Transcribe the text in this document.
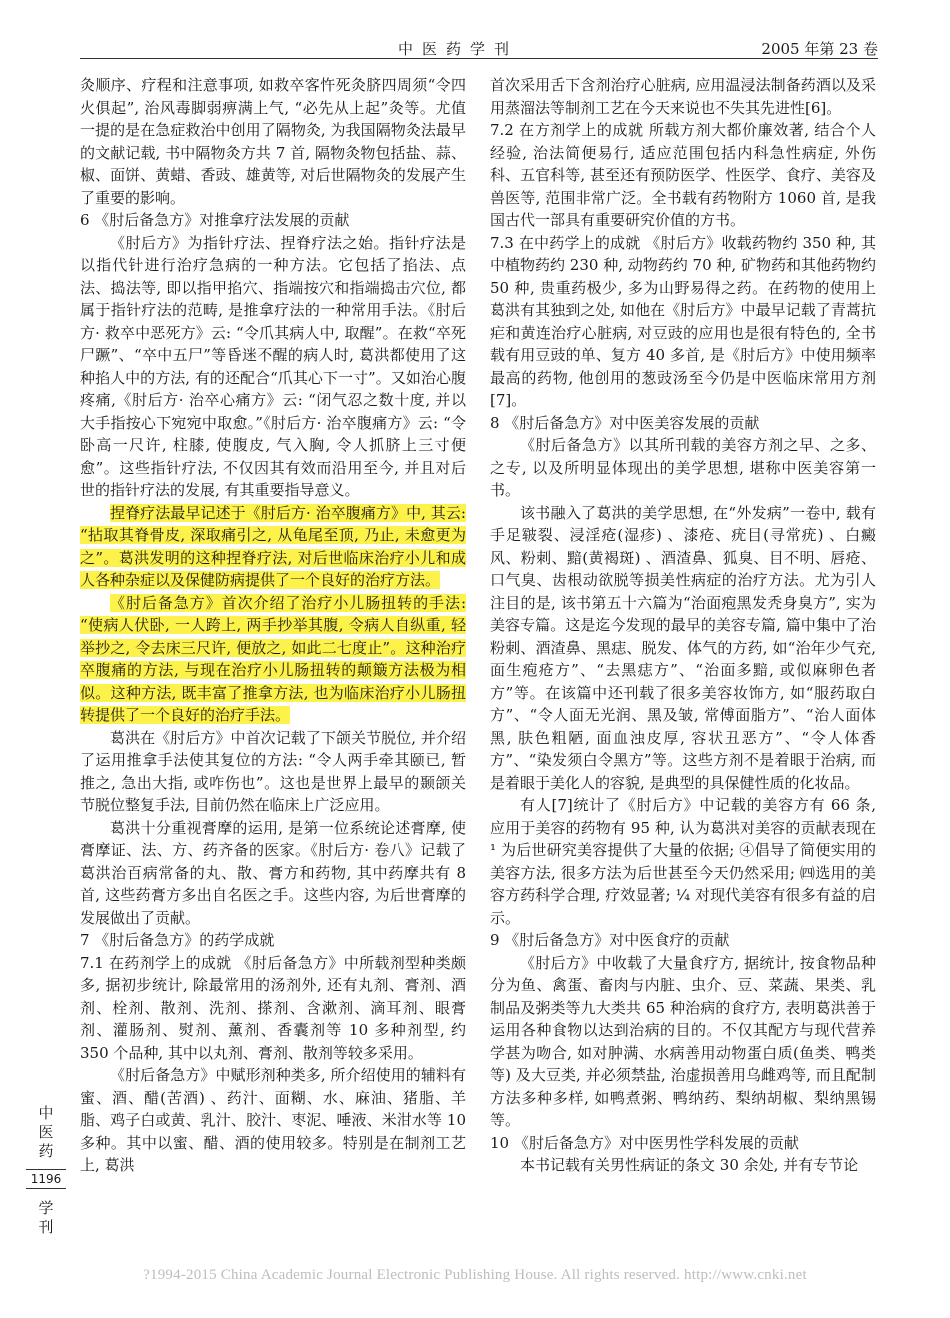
中医药学刊	2005 年第 23 卷

灸顺序、疗程和注意事项, 如救卒客忤死灸脐四周须“令四火俱起”, 治风毒脚弱痹满上气, “必先从上起”灸等。尤值一提的是在急症救治中创用了隔物灸, 为我国隔物灸法最早的文献记载, 书中隔物灸方共 7 首, 隔物灸物包括盐、蒜、椒、面饼、黄蜡、香豉、雄黄等, 对后世隔物灸的发展产生了重要的影响。

6 《肘后备急方》对推拿疗法发展的贡献

《肘后方》为指针疗法、捏脊疗法之始。指针疗法是以指代针进行治疗急病的一种方法。它包括了掐法、点法、捣法等, 即以指甲掐穴、指端按穴和指端捣击穴位, 都属于指针疗法的范畴, 是推拿疗法的一种常用手法。《肘后方· 救卒中恶死方》云: “令爪其病人中, 取醒”。在救“卒死尸蹶”、“卒中五尸”等昏迷不醒的病人时, 葛洪都使用了这种掐人中的方法, 有的还配合“爪其心下一寸”。又如治心腹疼痛,《肘后方· 治卒心痛方》云: “闭气忍之数十度, 并以大手指按心下宛宛中取愈。”《肘后方· 治卒腹痛方》云: “令卧高一尺许, 柱膝, 使腹皮, 气入胸, 令人抓脐上三寸便愈”。这些指针疗法, 不仅因其有效而沿用至今, 并且对后世的指针疗法的发展, 有其重要指导意义。

捏脊疗法最早记述于《肘后方· 治卒腹痛方》中, 其云: “拈取其脊骨皮, 深取痛引之, 从龟尾至顶, 乃止, 未愈更为之”。葛洪发明的这种捏脊疗法, 对后世临床治疗小儿和成人各种杂症以及保健防病提供了一个良好的治疗方法。

《肘后备急方》首次介绍了治疗小儿肠扭转的手法: “使病人伏卧, 一人跨上, 两手抄举其腹, 令病人自纵重, 轻举抄之, 令去床三尺许, 便放之, 如此二七度止”。这种治疗卒腹痛的方法, 与现在治疗小儿肠扭转的颠簸方法极为相似。这种方法, 既丰富了推拿方法, 也为临床治疗小儿肠扭转提供了一个良好的治疗手法。

葛洪在《肘后方》中首次记载了下颌关节脱位, 并介绍了运用推拿手法使其复位的方法: “令人两手牵其颐已, 暂推之, 急出大指, 或咋伤也”。这也是世界上最早的颞颌关节脱位整复手法, 目前仍然在临床上广泛应用。

葛洪十分重视膏摩的运用, 是第一位系统论述膏摩, 使膏摩证、法、方、药齐备的医家。《肘后方· 卷八》记载了葛洪治百病常备的丸、散、膏方和药物, 其中药摩共有 8 首, 这些药膏方多出自名医之手。这些内容, 为后世膏摩的发展做出了贡献。

7 《肘后备急方》的药学成就

7.1 在药剂学上的成就 《肘后备急方》中所载剂型种类颇多, 据初步统计, 除最常用的汤剂外, 还有丸剂、膏剂、酒剂、栓剂、散剂、洗剂、搽剂、含漱剂、滴耳剂、眼膏剂、灌肠剂、熨剂、薰剂、香囊剂等 10 多种剂型, 约 350 个品种, 其中以丸剂、膏剂、散剂等较多采用。

《肘后备急方》中赋形剂种类多, 所介绍使用的辅料有蜜、酒、醋(苦酒) 、药汁、面糊、水、麻油、猪脂、羊脂、鸡子白或黄、乳汁、胶汁、枣泥、唾液、米泔水等 10 多种。其中以蜜、醋、酒的使用较多。特别是在制剂工艺上, 葛洪

首次采用舌下含剂治疗心脏病, 应用温浸法制备药酒以及采用蒸溜法等制剂工艺在今天来说也不失其先进性[6]。

7.2 在方剂学上的成就 所载方剂大都价廉效著, 结合个人经验, 治法简便易行, 适应范围包括内科急性病症, 外伤科、五官科等, 甚至还有预防医学、性医学、食疗、美容及兽医等, 范围非常广泛。全书载有药物附方 1060 首, 是我国古代一部具有重要研究价值的方书。

7.3 在中药学上的成就 《肘后方》收载药物约 350 种, 其中植物药约 230 种, 动物药约 70 种, 矿物药和其他药物约 50 种, 贵重药极少, 多为山野易得之药。在药物的使用上葛洪有其独到之处, 如他在《肘后方》中最早记载了青蒿抗疟和黄连治疗心脏病, 对豆豉的应用也是很有特色的, 全书载有用豆豉的单、复方 40 多首, 是《肘后方》中使用频率最高的药物, 他创用的葱豉汤至今仍是中医临床常用方剂[7]。

8 《肘后备急方》对中医美容发展的贡献

《肘后备急方》以其所刊载的美容方剂之早、之多、之专, 以及所明显体现出的美学思想, 堪称中医美容第一书。

该书融入了葛洪的美学思想, 在“外发病”一卷中, 载有手足皲裂、浸淫疮(湿疹) 、漆疮、疣目(寻常疣) 、白癜风、粉刺、黯(黄褐斑) 、酒渣鼻、狐臭、目不明、唇疮、口气臭、齿根动欲脱等损美性病症的治疗方法。尤为引人注目的是, 该书第五十六篇为“治面疱黑发秃身臭方”, 实为美容专篇。这是迄今发现的最早的美容专篇, 篇中集中了治粉刺、酒渣鼻、黑痣、脱发、体气的方药, 如“治年少气充, 面生疱疮方”、“去黑痣方”、“治面多黯, 或似麻卵色者方”等。在该篇中还刊载了很多美容妆饰方, 如“服药取白方”、“令人面无光润、黑及皱, 常傅面脂方”、“治人面体黑, 肤色粗陋, 面血浊皮厚, 容状丑恶方”、“令人体香方”、“染发须白令黑方”等。这些方剂不是着眼于治病, 而是着眼于美化人的容貌, 是典型的具保健性质的化妆品。

有人[7]统计了《肘后方》中记载的美容方有 66 条, 应用于美容的药物有 95 种, 认为葛洪对美容的贡献表现在 ¹ 为后世研究美容提供了大量的依据; ④倡导了简便实用的美容方法, 很多方法为后世甚至今天仍然采用; ㈣选用的美容方药科学合理, 疗效显著; ¼ 对现代美容有很多有益的启示。

9 《肘后备急方》对中医食疗的贡献

《肘后方》中收载了大量食疗方, 据统计, 按食物品种分为鱼、禽蛋、畜肉与内脏、虫介、豆、菜蔬、果类、乳制品及粥类等九大类共 65 种治病的食疗方, 表明葛洪善于运用各种食物以达到治病的目的。不仅其配方与现代营养学甚为吻合, 如对肿满、水病善用动物蛋白质(鱼类、鸭类等) 及大豆类, 并必须禁盐, 治虚损善用乌雌鸡等, 而且配制方法多种多样, 如鸭煮粥、鸭纳药、梨纳胡椒、梨纳黑锡等。

10 《肘后备急方》对中医男性学科发展的贡献

本书记载有关男性病证的条文 30 余处, 并有专节论

中
医
药
1196
学
刊
?1994-2015 China Academic Journal Electronic Publishing House. All rights reserved. http://www.cnki.net
